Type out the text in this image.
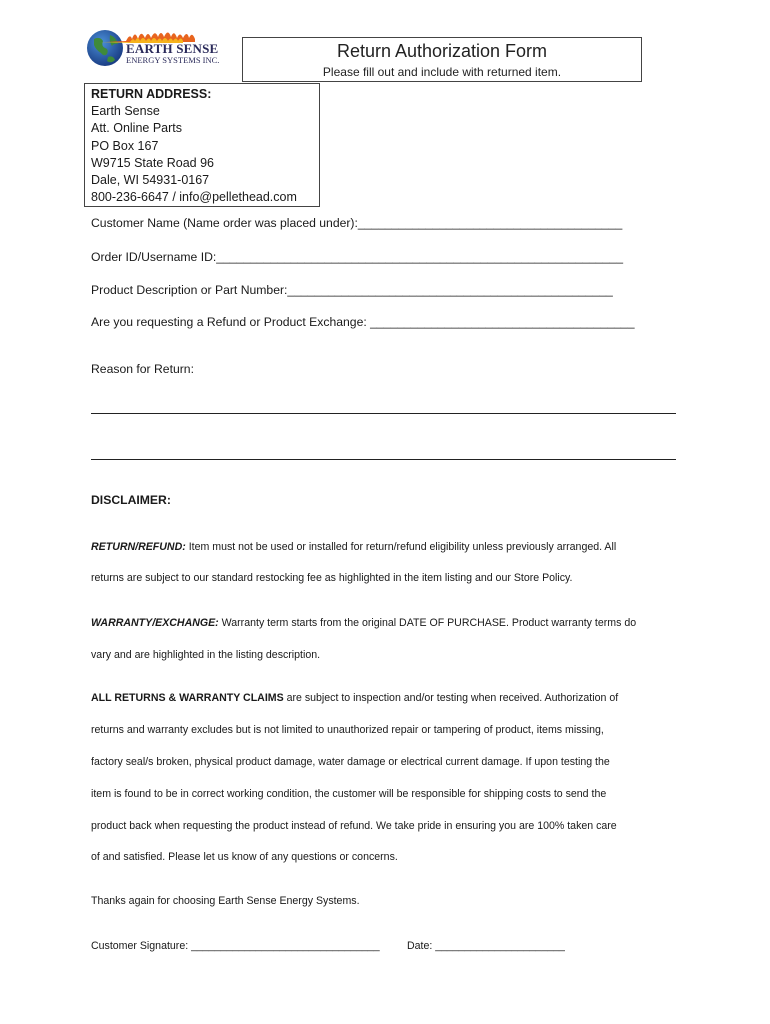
EARTH SENSE
ENERGY SYSTEMS INC.	Return Authorization Form
Please fill out and include with returned item.
RETURN ADDRESS:
Earth Sense
Att. Online Parts
PO Box 167
W9715 State Road 96
Dale, WI 54931-0167
800-236-6647 / info@pellethead.com
Customer Name (Name order was placed under):_______________________________________
Order ID/Username ID:____________________________________________________________
Product Description or Part Number:________________________________________________
Are you requesting a Refund or Product Exchange: _______________________________________
Reason for Return:
DISCLAIMER:
RETURN/REFUND: Item must not be used or installed for return/refund eligibility unless previously arranged. All
returns are subject to our standard restocking fee as highlighted in the item listing and our Store Policy.
WARRANTY/EXCHANGE: Warranty term starts from the original DATE OF PURCHASE. Product warranty terms do
vary and are highlighted in the listing description.
ALL RETURNS & WARRANTY CLAIMS are subject to inspection and/or testing when received. Authorization of
returns and warranty excludes but is not limited to unauthorized repair or tampering of product, items missing,
factory seal/s broken, physical product damage, water damage or electrical current damage. If upon testing the
item is found to be in correct working condition, the customer will be responsible for shipping costs to send the
product back when requesting the product instead of refund. We take pride in ensuring you are 100% taken care
of and satisfied. Please let us know of any questions or concerns.
Thanks again for choosing Earth Sense Energy Systems.
Customer Signature: ________________________________	Date: ______________________
